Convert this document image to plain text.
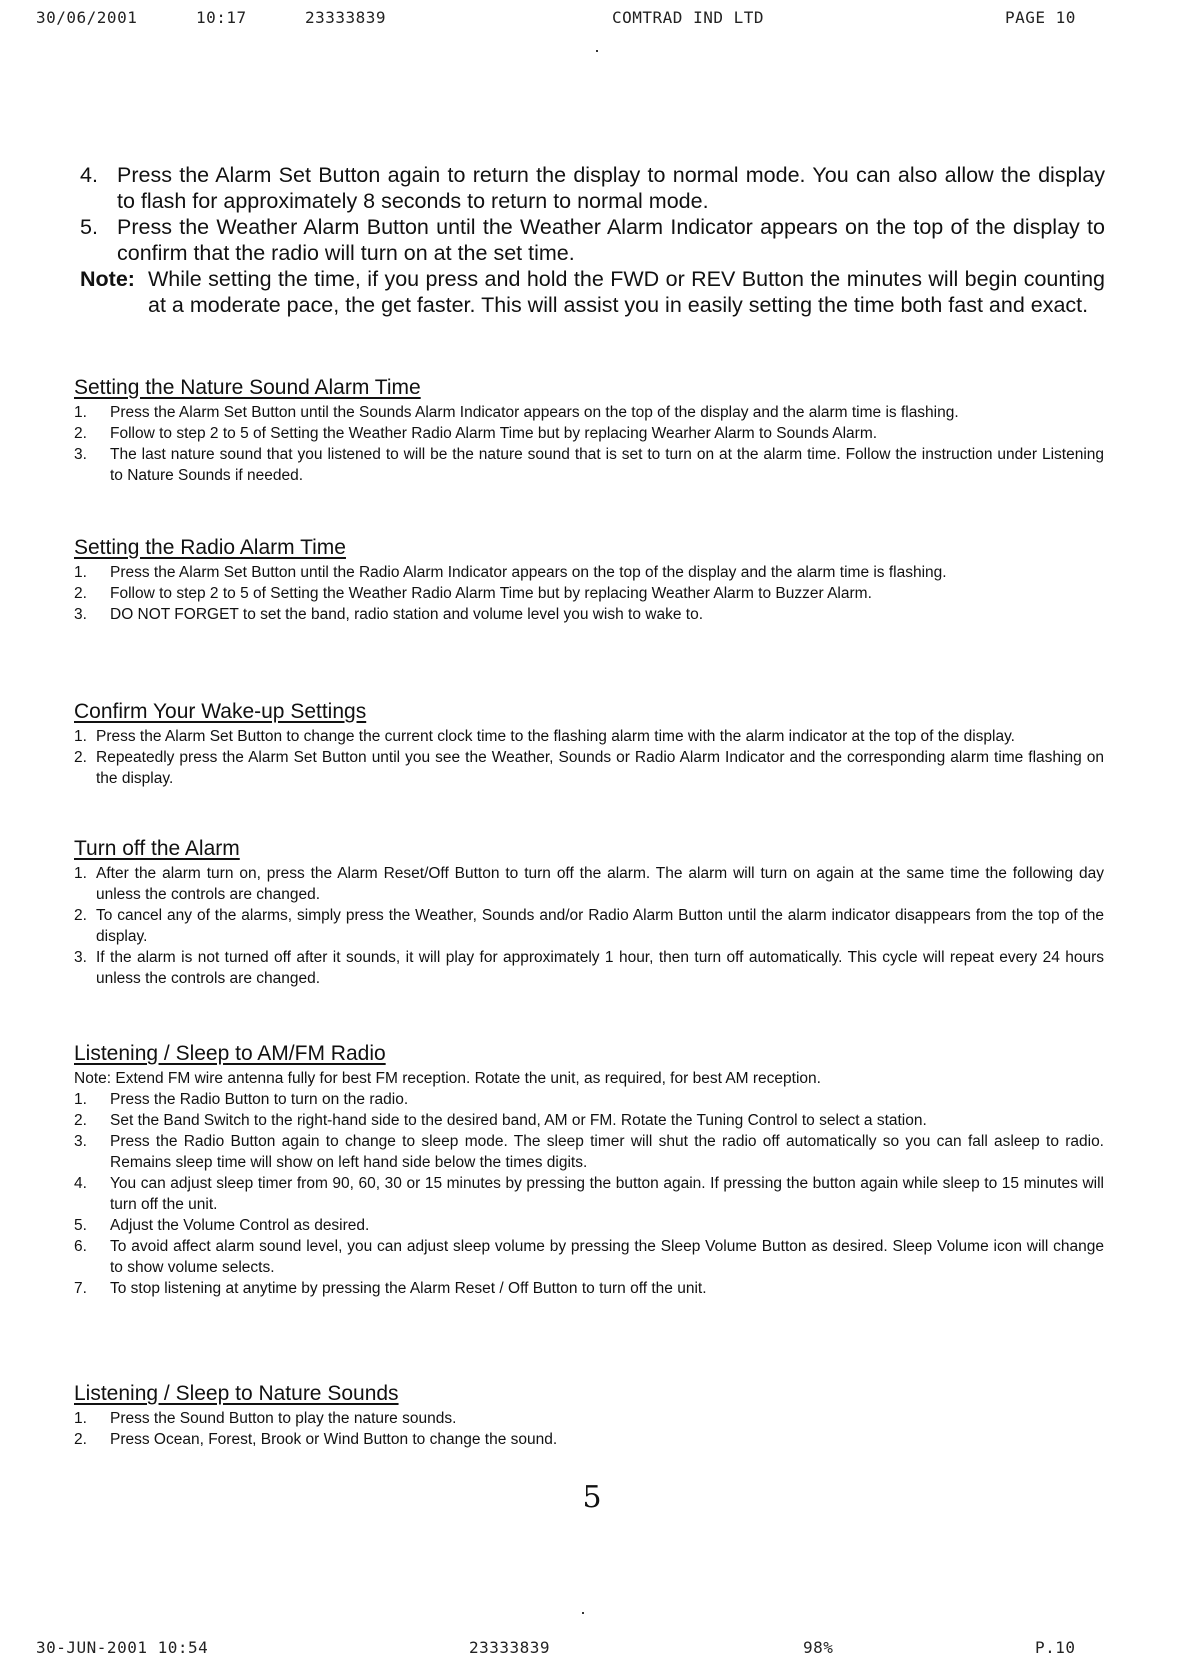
30/06/2001	10:17	23333839	COMTRAD IND LTD	PAGE 10
4. Press the Alarm Set Button again to return the display to normal mode. You can also allow the display to flash for approximately 8 seconds to return to normal mode.
5. Press the Weather Alarm Button until the Weather Alarm Indicator appears on the top of the display to confirm that the radio will turn on at the set time.
Note: While setting the time, if you press and hold the FWD or REV Button the minutes will begin counting at a moderate pace, the get faster. This will assist you in easily setting the time both fast and exact.
Setting the Nature Sound Alarm Time
1.	Press the Alarm Set Button until the Sounds Alarm Indicator appears on the top of the display and the alarm time is flashing.
2.	Follow to step 2 to 5 of Setting the Weather Radio Alarm Time but by replacing Wearher Alarm to Sounds Alarm.
3.	The last nature sound that you listened to will be the nature sound that is set to turn on at the alarm time. Follow the instruction under Listening to Nature Sounds if needed.
Setting the Radio Alarm Time
1.	Press the Alarm Set Button until the Radio Alarm Indicator appears on the top of the display and the alarm time is flashing.
2.	Follow to step 2 to 5 of Setting the Weather Radio Alarm Time but by replacing Weather Alarm to Buzzer Alarm.
3.	DO NOT FORGET to set the band, radio station and volume level you wish to wake to.
Confirm Your Wake-up Settings
1. Press the Alarm Set Button to change the current clock time to the flashing alarm time with the alarm indicator at the top of the display.
2. Repeatedly press the Alarm Set Button until you see the Weather, Sounds or Radio Alarm Indicator and the corresponding alarm time flashing on the display.
Turn off the Alarm
1. After the alarm turn on, press the Alarm Reset/Off Button to turn off the alarm. The alarm will turn on again at the same time the following day unless the controls are changed.
2. To cancel any of the alarms, simply press the Weather, Sounds and/or Radio Alarm Button until the alarm indicator disappears from the top of the display.
3. If the alarm is not turned off after it sounds, it will play for approximately 1 hour, then turn off automatically. This cycle will repeat every 24 hours unless the controls are changed.
Listening / Sleep to AM/FM Radio

Note: Extend FM wire antenna fully for best FM reception. Rotate the unit, as required, for best AM reception.

1.	Press the Radio Button to turn on the radio.
2.	Set the Band Switch to the right-hand side to the desired band, AM or FM. Rotate the Tuning Control to select a station.
3.	Press the Radio Button again to change to sleep mode. The sleep timer will shut the radio off automatically so you can fall asleep to radio. Remains sleep time will show on left hand side below the times digits.
4.	You can adjust sleep timer from 90, 60, 30 or 15 minutes by pressing the button again. If pressing the button again while sleep to 15 minutes will turn off the unit.
5.	Adjust the Volume Control as desired.
6.	To avoid affect alarm sound level, you can adjust sleep volume by pressing the Sleep Volume Button as desired. Sleep Volume icon will change to show volume selects.
7.	To stop listening at anytime by pressing the Alarm Reset / Off Button to turn off the unit.
Listening / Sleep to Nature Sounds
1.	Press the Sound Button to play the nature sounds.
2.	Press Ocean, Forest, Brook or Wind Button to change the sound.
5
30-JUN-2001 10:54	23333839	98%	P.10
